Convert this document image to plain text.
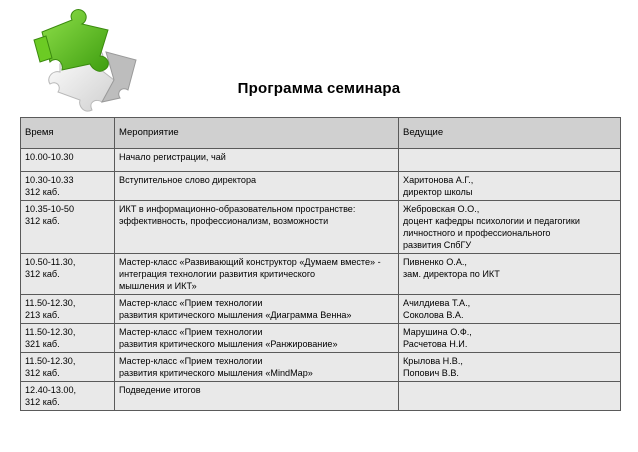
Программа семинара
Время	Мероприятие	Ведущие

10.00-10.30	Начало регистрации, чай	

10.30-10.33
312 каб.	Вступительное слово директора	Харитонова А.Г.,
директор школы

10.35-10-50
312 каб.	ИКТ в информационно-образовательном пространстве:
эффективность, профессионализм, возможности	Жебровская О.О.,
доцент кафедры психологии и педагогики
личностного и профессионального
развития СпбГУ

10.50-11.30,
312 каб.	Мастер-класс «Развивающий конструктор «Думаем вместе» -
интеграция технологии развития критического
мышления и ИКТ»	Пивненко О.А.,
зам. директора по ИКТ

11.50-12.30,
213 каб.	Мастер-класс «Прием технологии
развития критического мышления «Диаграмма Венна»	Ачилдиева Т.А.,
Соколова В.А.

11.50-12.30,
321 каб.	Мастер-класс «Прием технологии
развития критического мышления «Ранжирование»	Марушина О.Ф.,
Расчетова Н.И.

11.50-12.30,
312 каб.	Мастер-класс «Прием технологии
развития критического мышления «MindMap»	Крылова Н.В.,
Попович В.В.

12.40-13.00,
312 каб.	Подведение итогов	
